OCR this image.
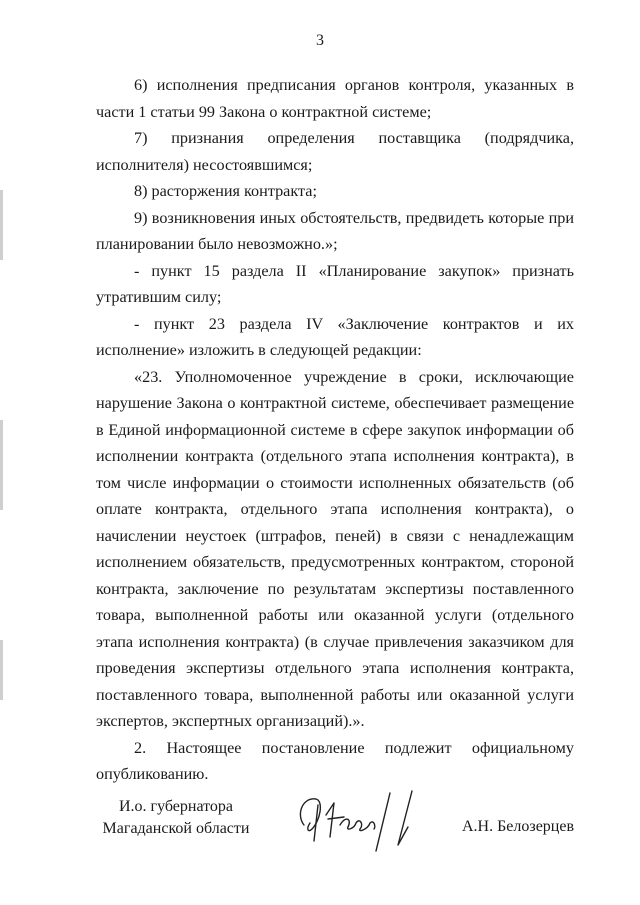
3

6) исполнения предписания органов контроля, указанных в части 1 статьи 99 Закона о контрактной системе;

7) признания определения поставщика (подрядчика, исполнителя) несостоявшимся;

8) расторжения контракта;

9) возникновения иных обстоятельств, предвидеть которые при планировании было невозможно.»;

- пункт 15 раздела II «Планирование закупок» признать утратившим силу;

- пункт 23 раздела IV «Заключение контрактов и их исполнение» изложить в следующей редакции:

«23. Уполномоченное учреждение в сроки, исключающие нарушение Закона о контрактной системе, обеспечивает размещение в Единой информационной системе в сфере закупок информации об исполнении контракта (отдельного этапа исполнения контракта), в том числе информации о стоимости исполненных обязательств (об оплате контракта, отдельного этапа исполнения контракта), о начислении неустоек (штрафов, пеней) в связи с ненадлежащим исполнением обязательств, предусмотренных контрактом, стороной контракта, заключение по результатам экспертизы поставленного товара, выполненной работы или оказанной услуги (отдельного этапа исполнения контракта) (в случае привлечения заказчиком для проведения экспертизы отдельного этапа исполнения контракта, поставленного товара, выполненной работы или оказанной услуги экспертов, экспертных организаций).».

2. Настоящее постановление подлежит официальному опубликованию.

И.о. губернатора
Магаданской области	А.Н. Белозерцев
